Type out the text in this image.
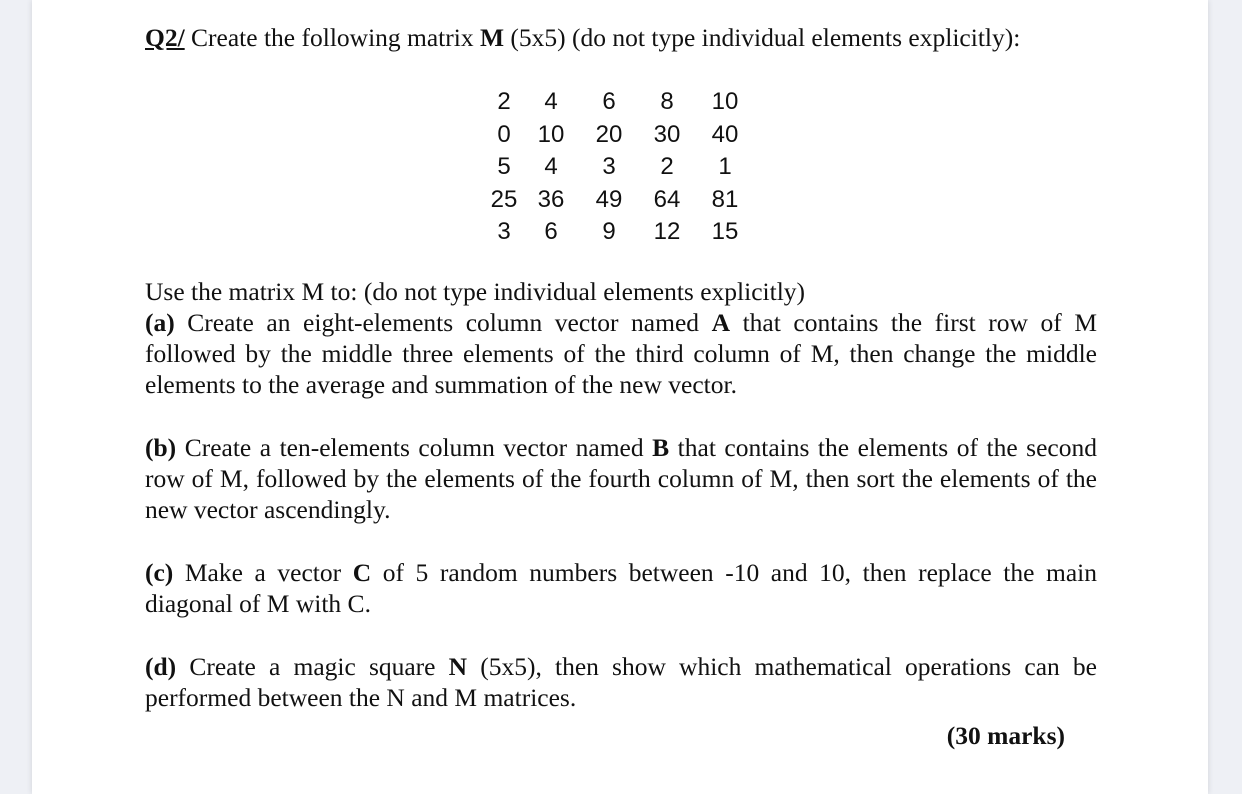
Q2/ Create the following matrix M (5x5) (do not type individual elements explicitly):

2	4	6	8	10
0	10	20	30	40
5	4	3	2	1
25	36	49	64	81
3	6	9	12	15

Use the matrix M to: (do not type individual elements explicitly)

(a) Create an eight-elements column vector named A that contains the first row of M followed by the middle three elements of the third column of M, then change the middle elements to the average and summation of the new vector.

(b) Create a ten-elements column vector named B that contains the elements of the second row of M, followed by the elements of the fourth column of M, then sort the elements of the new vector ascendingly.

(c) Make a vector C of 5 random numbers between -10 and 10, then replace the main diagonal of M with C.

(d) Create a magic square N (5x5), then show which mathematical operations can be performed between the N and M matrices.

(30 marks)
